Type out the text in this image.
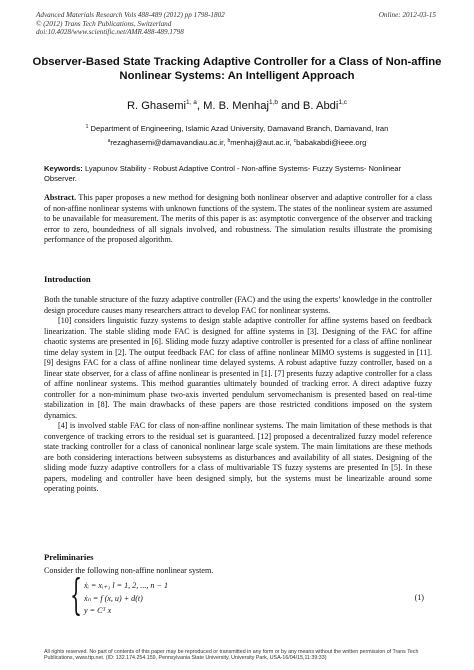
Advanced Materials Research Vols 488-489 (2012) pp 1798-1802
© (2012) Trans Tech Publications, Switzerland
doi:10.4028/www.scientific.net/AMR.488-489.1798
Online: 2012-03-15
Observer-Based State Tracking Adaptive Controller for a Class of Non-affine Nonlinear Systems: An Intelligent Approach
R. Ghasemi$^{1, a}$, M. B. Menhaj$^{1,b}$ and B. Abdi$^{1,c}$
$^1$ Department of Engineering, Islamic Azad University, Damavand Branch, Damavand, Iran
$^a$rezaghasemi@damavandiau.ac.ir, $^b$menhaj@aut.ac.ir, $^c$babakabdi@ieee.org
Keywords: Lyapunov Stability - Robust Adaptive Control - Non-affine Systems- Fuzzy Systems- Nonlinear Observer.
Abstract. This paper proposes a new method for designing both nonlinear observer and adaptive controller for a class of non-affine nonlinear systems with unknown functions of the system. The states of the nonlinear system are assumed to be unavailable for measurement. The merits of this paper is as: asymptotic convergence of the observer and tracking error to zero, boundedness of all signals involved, and robustness. The simulation results illustrate the promising performance of the proposed algorithm.
Introduction

Both the tunable structure of the fuzzy adaptive controller (FAC) and the using the experts’ knowledge in the controller design procedure causes many researchers attract to develop FAC for nonlinear systems.

[10] considers linguistic fuzzy systems to design stable adaptive controller for affine systems based on feedback linearization. The stable sliding mode FAC is designed for affine systems in [3]. Designing of the FAC for affine chaotic systems are presented in [6]. Sliding mode fuzzy adaptive controller is presented for a class of affine nonlinear time delay system in [2]. The output feedback FAC for class of affine nonlinear MIMO systems is suggested in [11]. [9] designs FAC for a class of affine nonlinear time delayed systems. A robust adaptive fuzzy controller, based on a linear state observer, for a class of affine nonlinear is presented in [1]. [7] presents fuzzy adaptive controller for a class of affine nonlinear systems. This method guaranties ultimately bounded of tracking error. A direct adaptive fuzzy controller for a non-minimum phase two-axis inverted pendulum servomechanism is presented based on real-time stabilization in [8]. The main drawbacks of these papers are those restricted conditions imposed on the system dynamics.

[4] is involved stable FAC for class of non-affine nonlinear systems. The main limitation of these methods is that convergence of tracking errors to the residual set is guaranteed. [12] proposed a decentralized fuzzy model reference state tracking controller for a class of canonical nonlinear large scale system. The main limitations are these methods are both considering interactions between subsystems as disturbances and availability of all states. Designing of the sliding mode fuzzy adaptive controllers for a class of multivariable TS fuzzy systems are presented In [5]. In these papers, modeling and controller have been designed simply, but the systems must be linearizable around some operating points.

Preliminaries
Consider the following non-affine nonlinear system.
{ ẋᵢ = xᵢ₊₁ l = 1, 2, ..., n − 1
ẋₙ = f (x, u) + d(t)
y = Cᵀ x
(1)
All rights reserved. No part of contents of this paper may be reproduced or transmitted in any form or by any means without the written permission of Trans Tech Publications, www.ttp.net. (ID: 132.174.254.159, Pennsylvania State University, University Park, USA-16/04/15,11:39:33)
